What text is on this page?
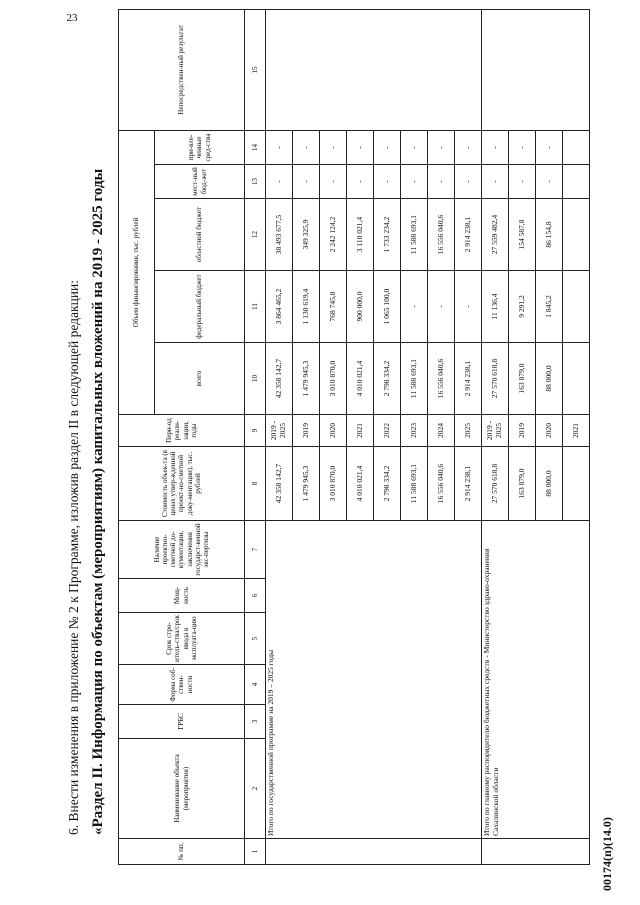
23
6. Внести изменения в приложение № 2 к Программе, изложив раздел II в следующей редакции: «Раздел II. Информация по объектам (мероприятиям) капитальных вложений на 2019 - 2025 годы
00174(п)(14.0)
№ пп.	Наименование объекта (мероприятия)	ГРБС	Форма соб-ствен-ности	Срок стро-итель-ства/срок ввода в эксплуата-цию	Мощ-ность	Наличие проектно-сметной до-кументации, заключения государст-венной экс-пертизы	Стоимость объек-та (в ценах утвер-жденной проект-но-сметной доку-ментации), тыс. рублей	Пери-од реали-зации, годы	Объем финансирования, тыс. рублей					Непосредствен-ный результат
									всего	федеральный бюджет	областной бюджет	мест-ный бюд-жет	при-вле-ченные сред-ства	

1	2	3	4	5	6	7	8	9	10	11	12	13	14	15
	Итого по государственной программе на 2019 – 2025 годы						42 358 142,7	2019 - 2025	42 358 142,7	3 864 465,2	38 493 677,5	-	-	
							1 479 945,3	2019	1 479 945,3	1 130 619,4	349 325,9	-	-	
							3 010 870,0	2020	3 010 870,0	768 745,8	2 242 124,2	-	-	
							4 010 021,4	2021	4 010 021,4	900 000,0	3 110 021,4	-	-	
							2 798 334,2	2022	2 798 334,2	1 065 100,0	1 733 234,2	-	-	
							11 588 693,1	2023	11 588 693,1	-	11 588 693,1	-	-	
							16 556 040,6	2024	16 556 040,6	-	16 556 040,6	-	-	
							2 914 238,1	2025	2 914 238,1	-	2 914 238,1	-	-	
	Итого по главному распорядителю бюджетных средств - Министерство здраво-охранения Сахалинской области						27 570 618,8	2019 - 2025	27 570 618,8	11 136,4	27 559 482,4	-	-	
							163 879,0	2019	163 879,0	9 291,2	154 587,8	-	-	
							88 000,0	2020	88 000,0	1 845,2	86 154,8	-	-	
								2021						
